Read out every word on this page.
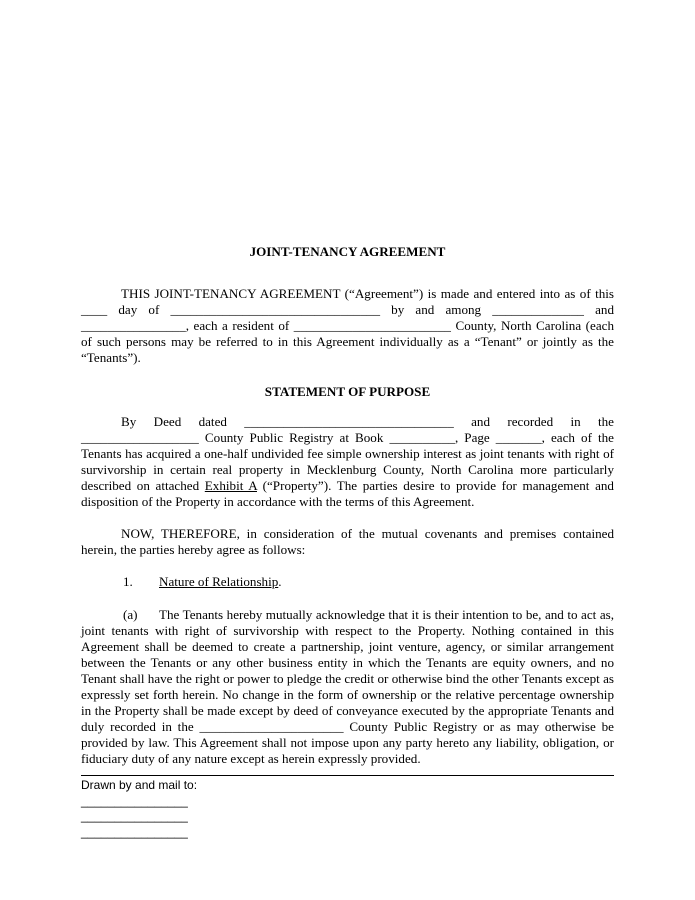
JOINT-TENANCY AGREEMENT

THIS JOINT-TENANCY AGREEMENT (“Agreement”) is made and entered into as of this ____ day of ________________________________ by and among ______________ and ________________, each a resident of ________________________ County, North Carolina (each of such persons may be referred to in this Agreement individually as a “Tenant” or jointly as the “Tenants”).

STATEMENT OF PURPOSE

By Deed dated ________________________________ and recorded in the __________________ County Public Registry at Book __________, Page _______, each of the Tenants has acquired a one-half undivided fee simple ownership interest as joint tenants with right of survivorship in certain real property in Mecklenburg County, North Carolina more particularly described on attached Exhibit A (“Property”). The parties desire to provide for management and disposition of the Property in accordance with the terms of this Agreement.

NOW, THEREFORE, in consideration of the mutual covenants and premises contained herein, the parties hereby agree as follows:

1. Nature of Relationship.

(a) The Tenants hereby mutually acknowledge that it is their intention to be, and to act as, joint tenants with right of survivorship with respect to the Property. Nothing contained in this Agreement shall be deemed to create a partnership, joint venture, agency, or similar arrangement between the Tenants or any other business entity in which the Tenants are equity owners, and no Tenant shall have the right or power to pledge the credit or otherwise bind the other Tenants except as expressly set forth herein. No change in the form of ownership or the relative percentage ownership in the Property shall be made except by deed of conveyance executed by the appropriate Tenants and duly recorded in the ______________________ County Public Registry or as may otherwise be provided by law. This Agreement shall not impose upon any party hereto any liability, obligation, or fiduciary duty of any nature except as herein expressly provided.

Drawn by and mail to:
________________
________________
________________
